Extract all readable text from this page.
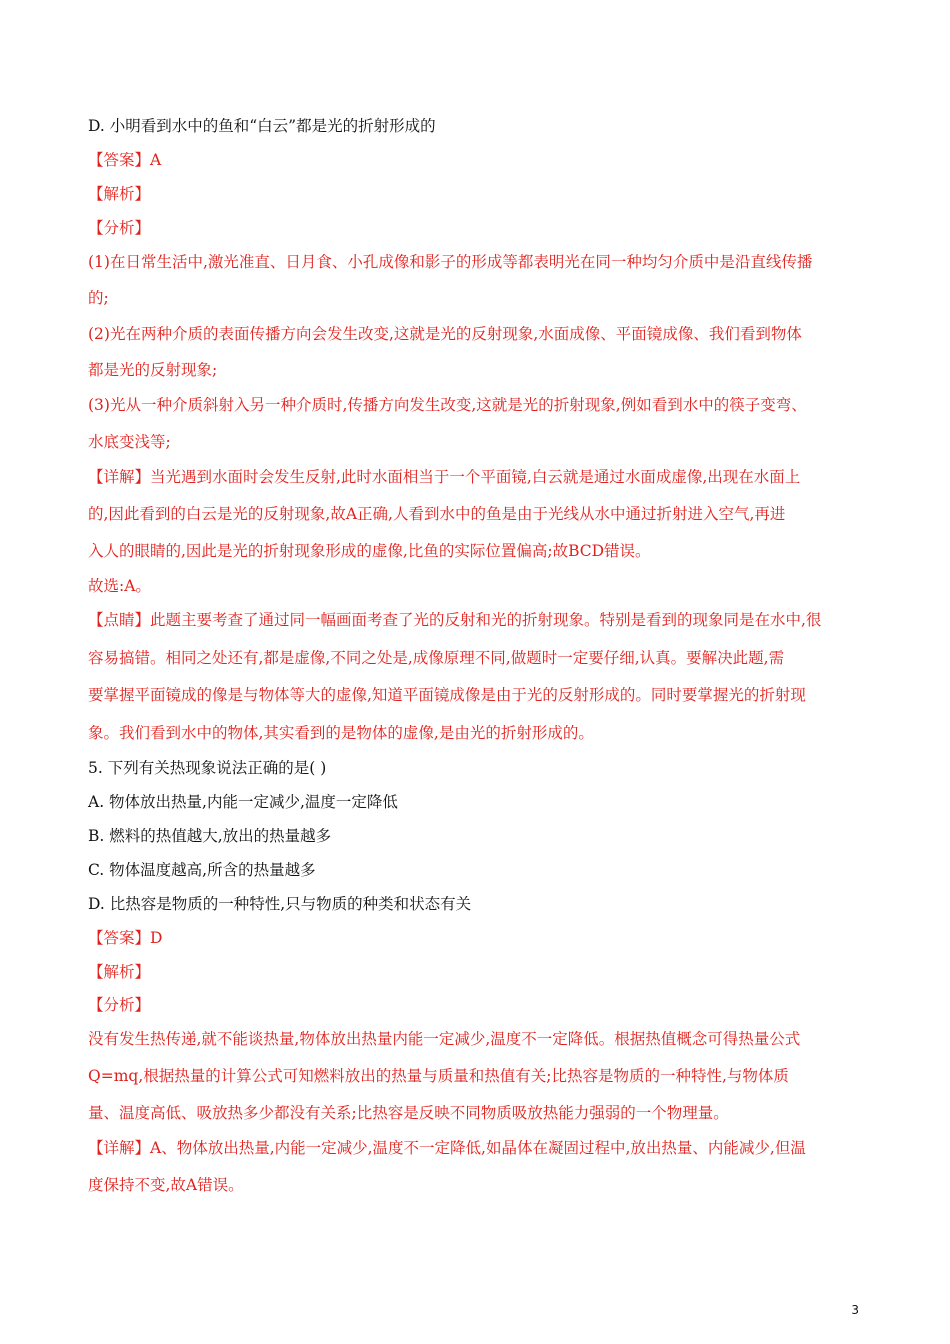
D. 小明看到水中的鱼和“白云”都是光的折射形成的
【答案】A
【解析】
【分析】
(1)在日常生活中,激光准直、日月食、小孔成像和影子的形成等都表明光在同一种均匀介质中是沿直线传播
的;
(2)光在两种介质的表面传播方向会发生改变,这就是光的反射现象,水面成像、平面镜成像、我们看到物体
都是光的反射现象;
(3)光从一种介质斜射入另一种介质时,传播方向发生改变,这就是光的折射现象,例如看到水中的筷子变弯、
水底变浅等;
【详解】当光遇到水面时会发生反射,此时水面相当于一个平面镜,白云就是通过水面成虚像,出现在水面上
的,因此看到的白云是光的反射现象,故A正确,人看到水中的鱼是由于光线从水中通过折射进入空气,再进
入人的眼睛的,因此是光的折射现象形成的虚像,比鱼的实际位置偏高;故BCD错误。
故选:A。
【点睛】此题主要考查了通过同一幅画面考查了光的反射和光的折射现象。特别是看到的现象同是在水中,很
容易搞错。相同之处还有,都是虚像,不同之处是,成像原理不同,做题时一定要仔细,认真。要解决此题,需
要掌握平面镜成的像是与物体等大的虚像,知道平面镜成像是由于光的反射形成的。同时要掌握光的折射现
象。我们看到水中的物体,其实看到的是物体的虚像,是由光的折射形成的。
5. 下列有关热现象说法正确的是( )
A. 物体放出热量,内能一定减少,温度一定降低
B. 燃料的热值越大,放出的热量越多
C. 物体温度越高,所含的热量越多
D. 比热容是物质的一种特性,只与物质的种类和状态有关
【答案】D
【解析】
【分析】
没有发生热传递,就不能谈热量,物体放出热量内能一定减少,温度不一定降低。根据热值概念可得热量公式
Q=mq,根据热量的计算公式可知燃料放出的热量与质量和热值有关;比热容是物质的一种特性,与物体质
量、温度高低、吸放热多少都没有关系;比热容是反映不同物质吸放热能力强弱的一个物理量。
【详解】A、物体放出热量,内能一定减少,温度不一定降低,如晶体在凝固过程中,放出热量、内能减少,但温
度保持不变,故A错误。
3
